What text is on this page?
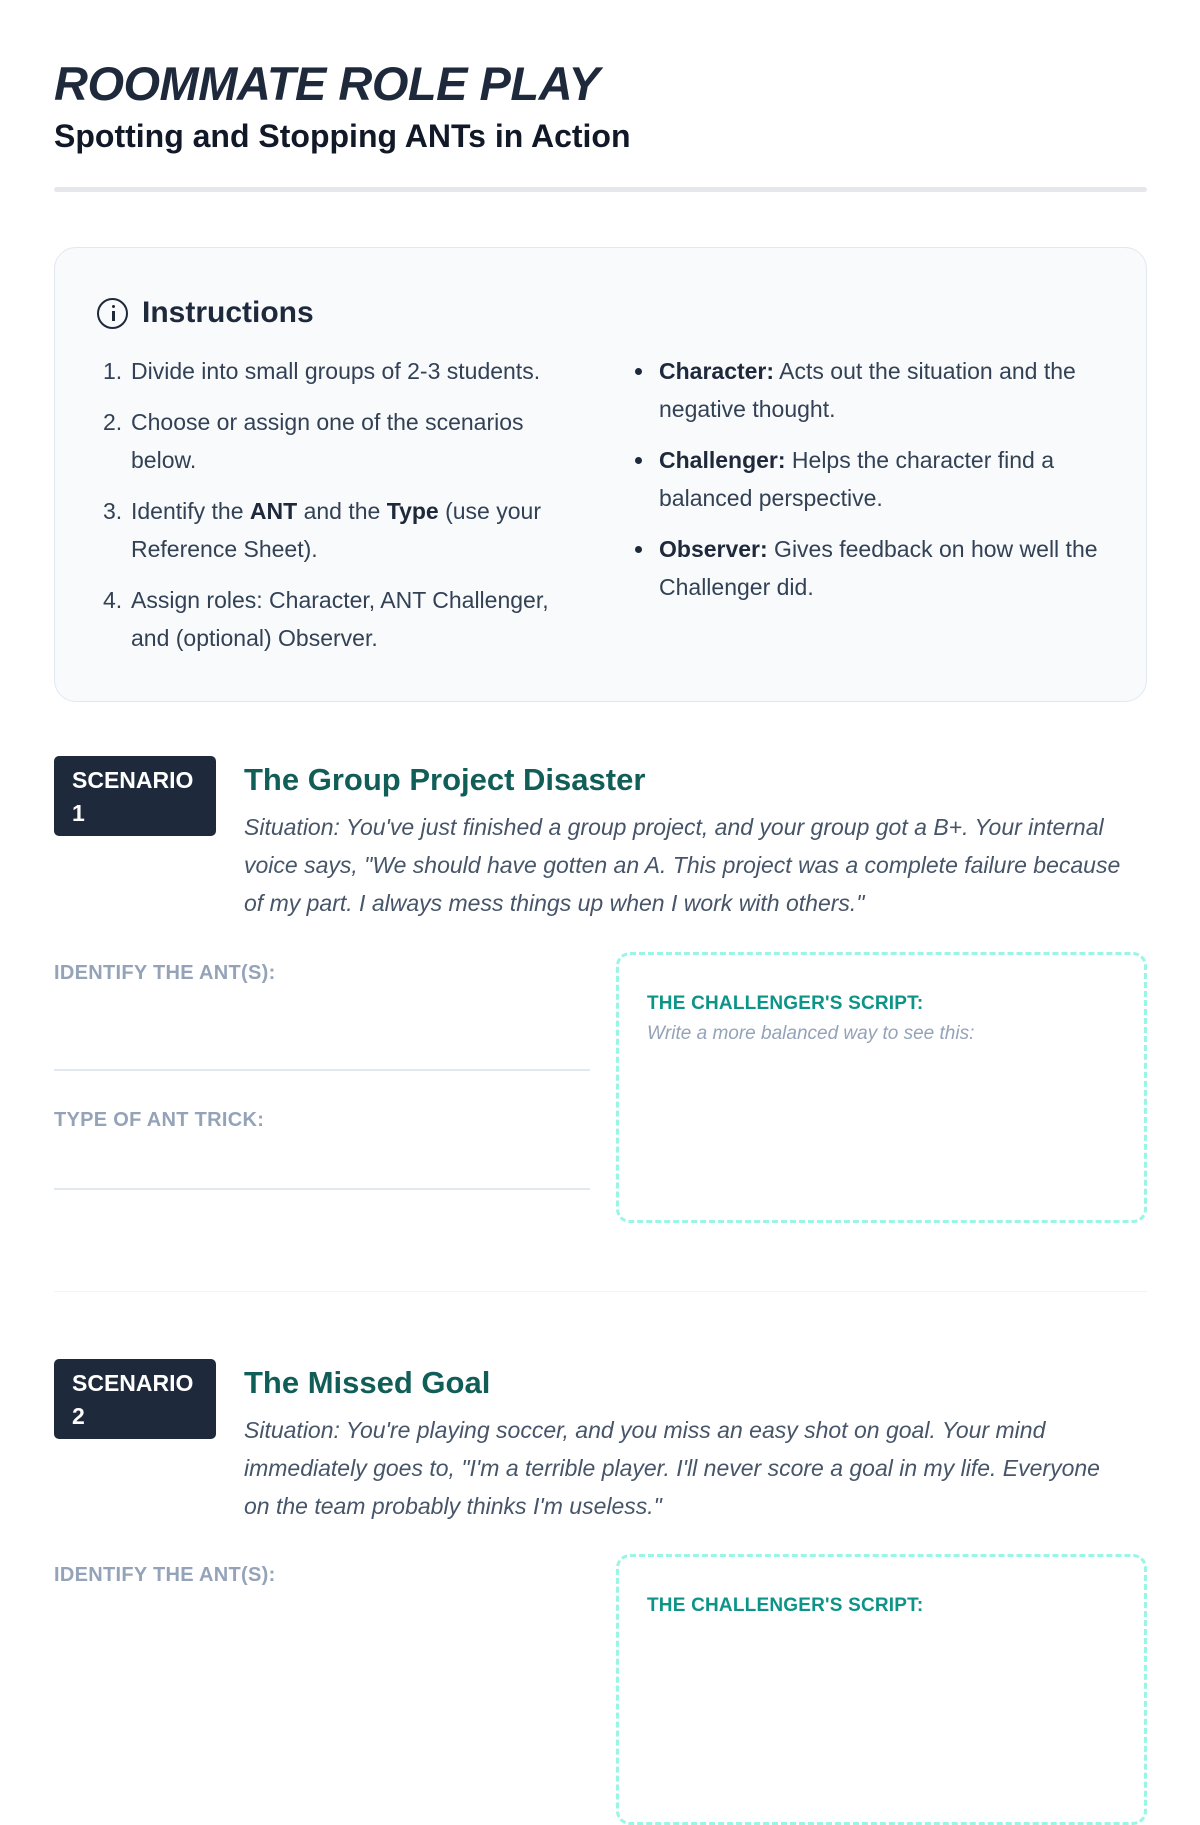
ROOMMATE ROLE PLAY
Spotting and Stopping ANTs in Action
Instructions
1. Divide into small groups of 2-3 students.
2. Choose or assign one of the scenarios below.
3. Identify the ANT and the Type (use your Reference Sheet).
4. Assign roles: Character, ANT Challenger, and (optional) Observer.
Character: Acts out the situation and the negative thought.
Challenger: Helps the character find a balanced perspective.
Observer: Gives feedback on how well the Challenger did.
SCENARIO 1
The Group Project Disaster

Situation: You've just finished a group project, and your group got a B+. Your internal voice says, "We should have gotten an A. This project was a complete failure because of my part. I always mess things up when I work with others."

IDENTIFY THE ANT(S):
TYPE OF ANT TRICK:
THE CHALLENGER'S SCRIPT:
Write a more balanced way to see this:
SCENARIO 2
The Missed Goal

Situation: You're playing soccer, and you miss an easy shot on goal. Your mind immediately goes to, "I'm a terrible player. I'll never score a goal in my life. Everyone on the team probably thinks I'm useless."

IDENTIFY THE ANT(S):
THE CHALLENGER'S SCRIPT:
